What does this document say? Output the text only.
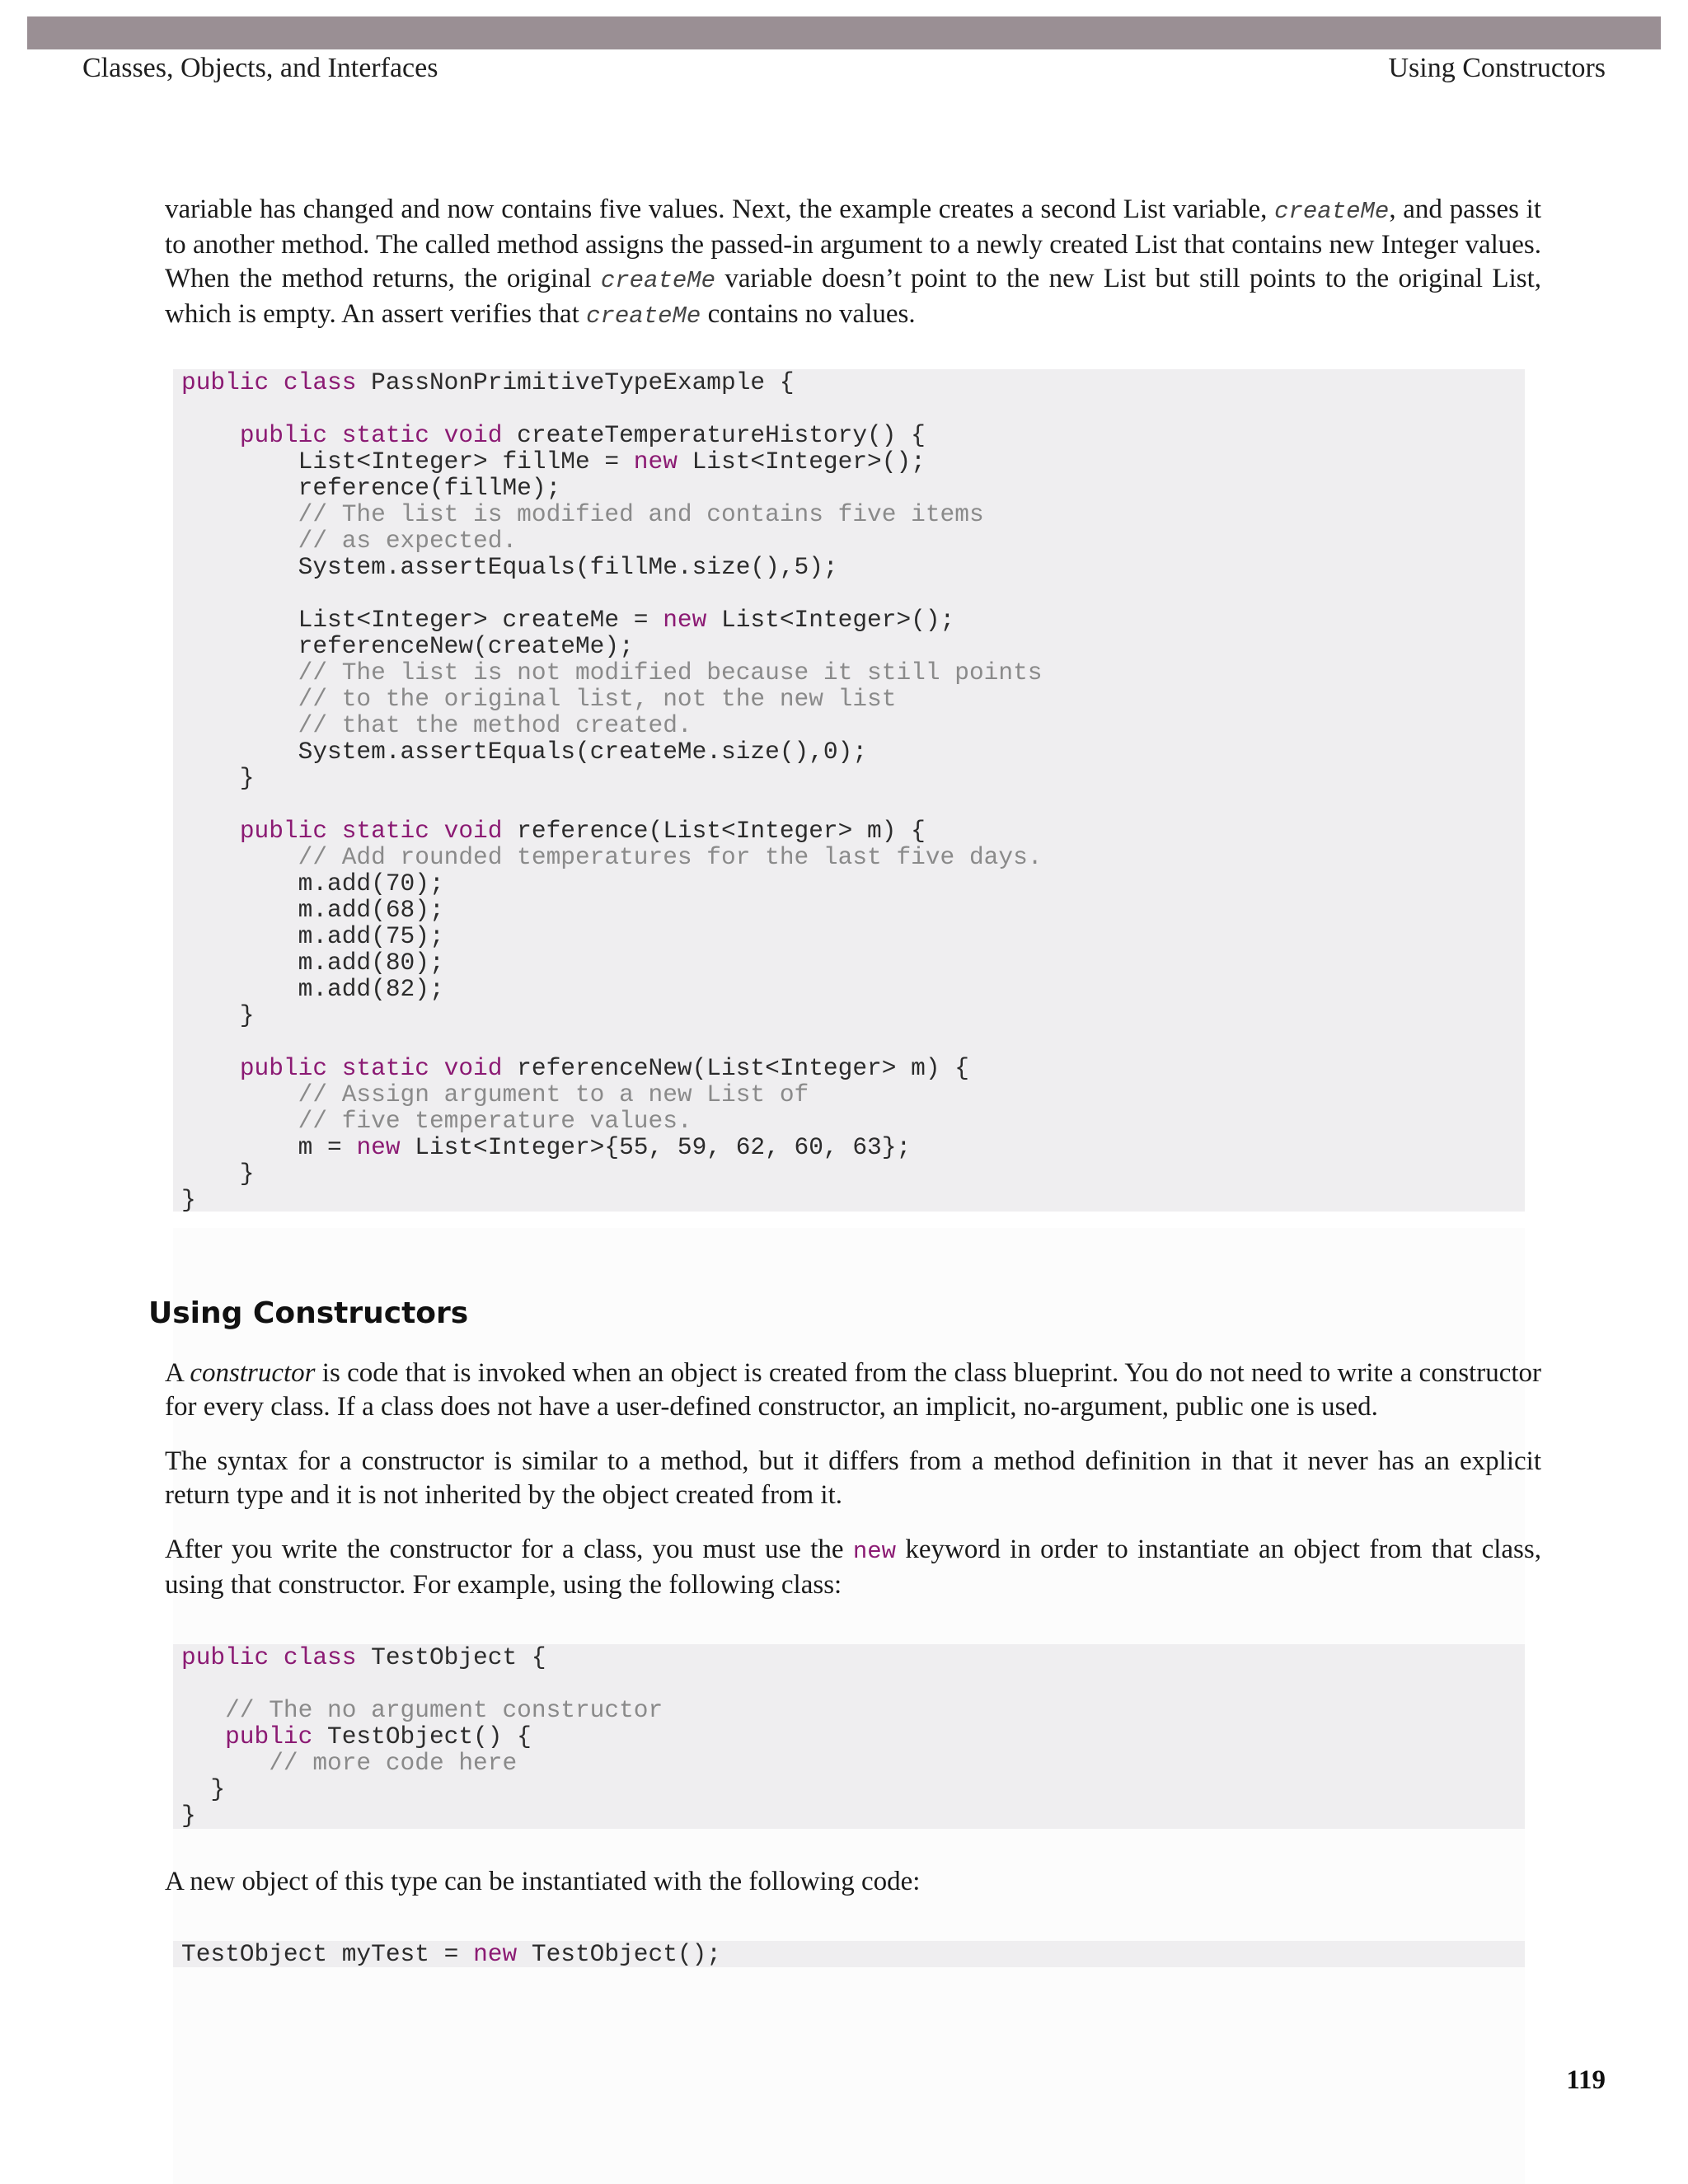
Classes, Objects, and Interfaces	Using Constructors

variable has changed and now contains five values. Next, the example creates a second List variable, createMe, and passes it to another method. The called method assigns the passed-in argument to a newly created List that contains new Integer values. When the method returns, the original createMe variable doesn’t point to the new List but still points to the original List, which is empty. An assert verifies that createMe contains no values.

public class PassNonPrimitiveTypeExample {
public static void createTemperatureHistory() {
List<Integer> fillMe = new List<Integer>();
reference(fillMe);
// The list is modified and contains five items
// as expected.
System.assertEquals(fillMe.size(),5);
List<Integer> createMe = new List<Integer>();
referenceNew(createMe);
// The list is not modified because it still points
// to the original list, not the new list
// that the method created.
System.assertEquals(createMe.size(),0);
}
public static void reference(List<Integer> m) {
// Add rounded temperatures for the last five days.
m.add(70);
m.add(68);
m.add(75);
m.add(80);
m.add(82);
}
public static void referenceNew(List<Integer> m) {
// Assign argument to a new List of
// five temperature values.
m = new List<Integer>{55, 59, 62, 60, 63};
}
}
Using Constructors

A constructor is code that is invoked when an object is created from the class blueprint. You do not need to write a constructor for every class. If a class does not have a user-defined constructor, an implicit, no-argument, public one is used.

The syntax for a constructor is similar to a method, but it differs from a method definition in that it never has an explicit return type and it is not inherited by the object created from it.

After you write the constructor for a class, you must use the new keyword in order to instantiate an object from that class, using that constructor. For example, using the following class:

public class TestObject {
// The no argument constructor
public TestObject() {
// more code here
}
}

A new object of this type can be instantiated with the following code:

TestObject myTest = new TestObject();
119
